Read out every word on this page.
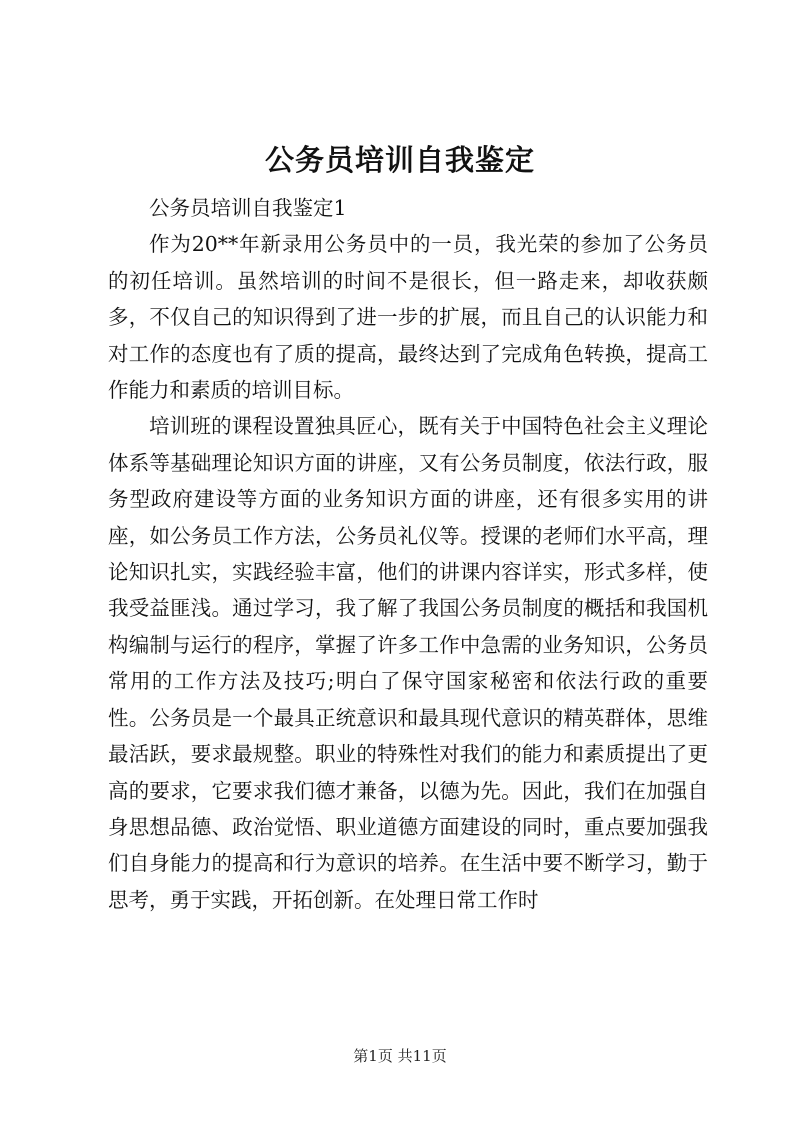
公务员培训自我鉴定

公务员培训自我鉴定1

作为20**年新录用公务员中的一员，我光荣的参加了公务员的初任培训。虽然培训的时间不是很长，但一路走来，却收获颇多，不仅自己的知识得到了进一步的扩展，而且自己的认识能力和对工作的态度也有了质的提高，最终达到了完成角色转换，提高工作能力和素质的培训目标。

培训班的课程设置独具匠心，既有关于中国特色社会主义理论体系等基础理论知识方面的讲座，又有公务员制度，依法行政，服务型政府建设等方面的业务知识方面的讲座，还有很多实用的讲座，如公务员工作方法，公务员礼仪等。授课的老师们水平高，理论知识扎实，实践经验丰富，他们的讲课内容详实，形式多样，使我受益匪浅。通过学习，我了解了我国公务员制度的概括和我国机构编制与运行的程序，掌握了许多工作中急需的业务知识，公务员常用的工作方法及技巧;明白了保守国家秘密和依法行政的重要性。公务员是一个最具正统意识和最具现代意识的精英群体，思维最活跃，要求最规整。职业的特殊性对我们的能力和素质提出了更高的要求，它要求我们德才兼备，以德为先。因此，我们在加强自身思想品德、政治觉悟、职业道德方面建设的同时，重点要加强我们自身能力的提高和行为意识的培养。在生活中要不断学习，勤于思考，勇于实践，开拓创新。在处理日常工作时

第1页 共11页
